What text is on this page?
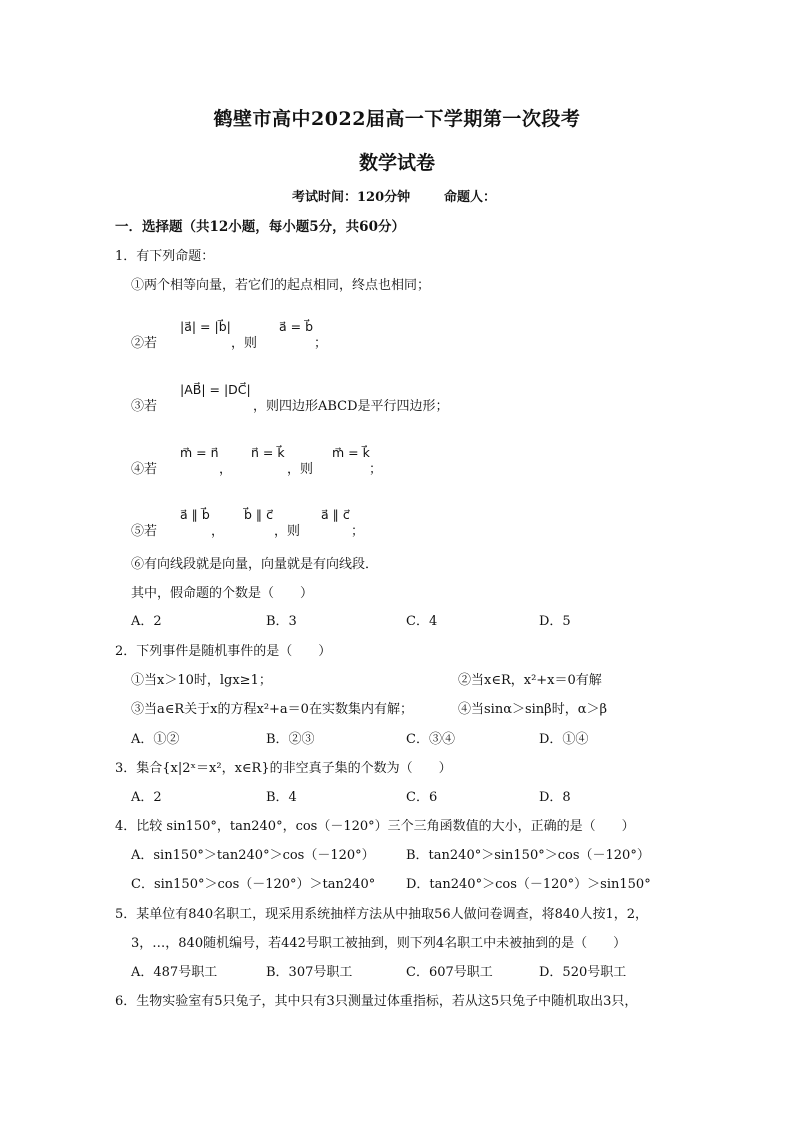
鹤壁市高中2022届高一下学期第一次段考
数学试卷
考试时间：120分钟	命题人：
一．选择题（共12小题，每小题5分，共60分）
1．有下列命题：
①两个相等向量，若它们的起点相同，终点也相同；
②若
|a⃗| = |b⃗|
，则
a⃗ = b⃗
；
③若
|AB⃗| = |DC⃗|
，则四边形ABCD是平行四边形；
④若
m⃗ = n⃗
，
n⃗ = k⃗
，则
m⃗ = k⃗
；
⑤若
a⃗ ∥ b⃗
，
b⃗ ∥ c⃗
，则
a⃗ ∥ c⃗
；
⑥有向线段就是向量，向量就是有向线段．
其中，假命题的个数是（　　）
A．2	B．3	C．4	D．5
2．下列事件是随机事件的是（　　）
①当x＞10时，lgx≥1；	②当x∈R，x²+x＝0有解
③当a∈R关于x的方程x²+a＝0在实数集内有解；	④当sinα＞sinβ时，α＞β
A．①②	B．②③	C．③④	D．①④
3．集合{x|2ˣ＝x²，x∈R}的非空真子集的个数为（　　）
A．2	B．4	C．6	D．8
4．比较 sin150°，tan240°，cos（－120°）三个三角函数值的大小，正确的是（　　）
A．sin150°＞tan240°＞cos（－120°） B．tan240°＞sin150°＞cos（－120°）
C．sin150°＞cos（－120°）＞tan240° D．tan240°＞cos（－120°）＞sin150°
5．某单位有840名职工，现采用系统抽样方法从中抽取56人做问卷调查，将840人按1，2，
3，…，840随机编号，若442号职工被抽到，则下列4名职工中未被抽到的是（　　）
A．487号职工	B．307号职工	C．607号职工	D．520号职工
6．生物实验室有5只兔子，其中只有3只测量过体重指标，若从这5只兔子中随机取出3只，
